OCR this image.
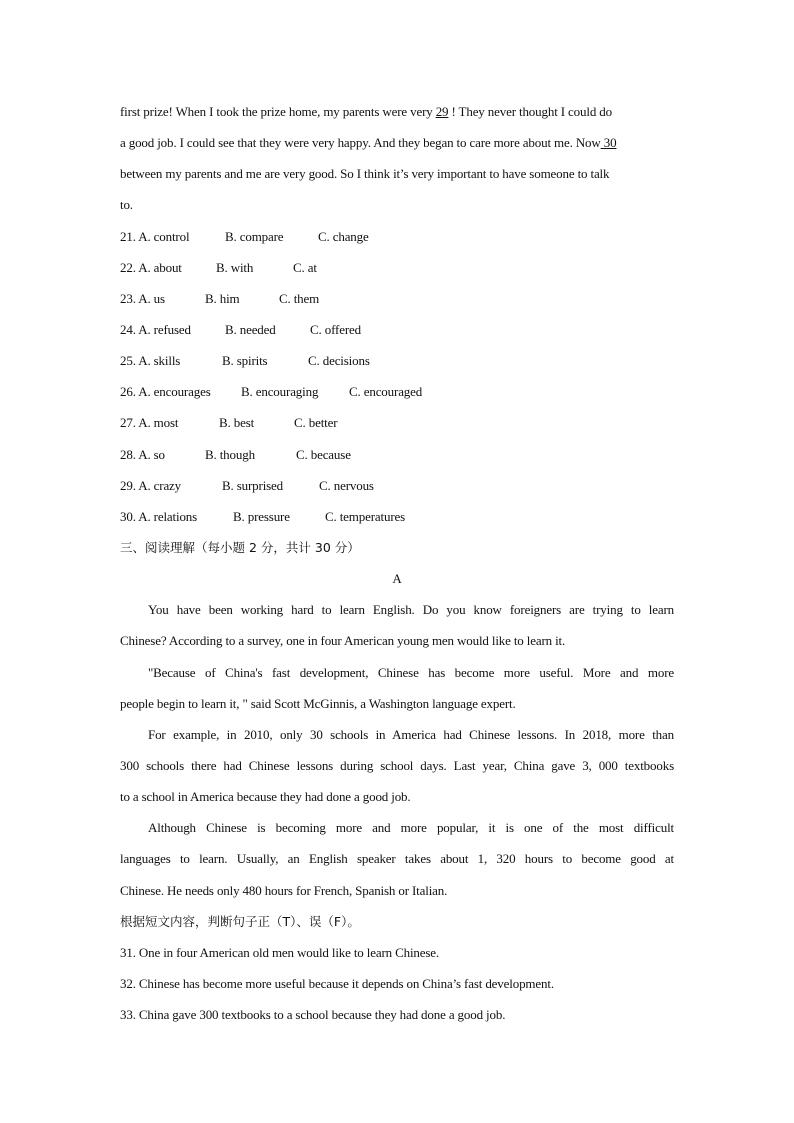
first prize! When I took the prize home, my parents were very 29 ! They never thought I could do
a good job. I could see that they were very happy. And they began to care more about me. Now 30
between my parents and me are very good. So I think it’s very important to have someone to talk
to.
21. A. control	B. compare	C. change
22. A. about	B. with	C. at
23. A. us	B. him	C. them
24. A. refused	B. needed	C. offered
25. A. skills	B. spirits	C. decisions
26. A. encourages B. encouraging C. encouraged
27. A. most	B. best	C. better
28. A. so	B. though	C. because
29. A. crazy	B. surprised	C. nervous
30. A. relations	B. pressure	C. temperatures
三、阅读理解（每小题 2 分，共计 30 分）
A
You have been working hard to learn English. Do you know foreigners are trying to learn
Chinese? According to a survey, one in four American young men would like to learn it.
"Because of China's fast development, Chinese has become more useful. More and more
people begin to learn it, " said Scott McGinnis, a Washington language expert.
For example, in 2010, only 30 schools in America had Chinese lessons. In 2018, more than
300 schools there had Chinese lessons during school days. Last year, China gave 3, 000 textbooks
to a school in America because they had done a good job.
Although Chinese is becoming more and more popular, it is one of the most difficult
languages to learn. Usually, an English speaker takes about 1, 320 hours to become good at
Chinese. He needs only 480 hours for French, Spanish or Italian.
根据短文内容，判断句子正（T）、误（F）。
31. One in four American old men would like to learn Chinese.
32. Chinese has become more useful because it depends on China’s fast development.
33. China gave 300 textbooks to a school because they had done a good job.
